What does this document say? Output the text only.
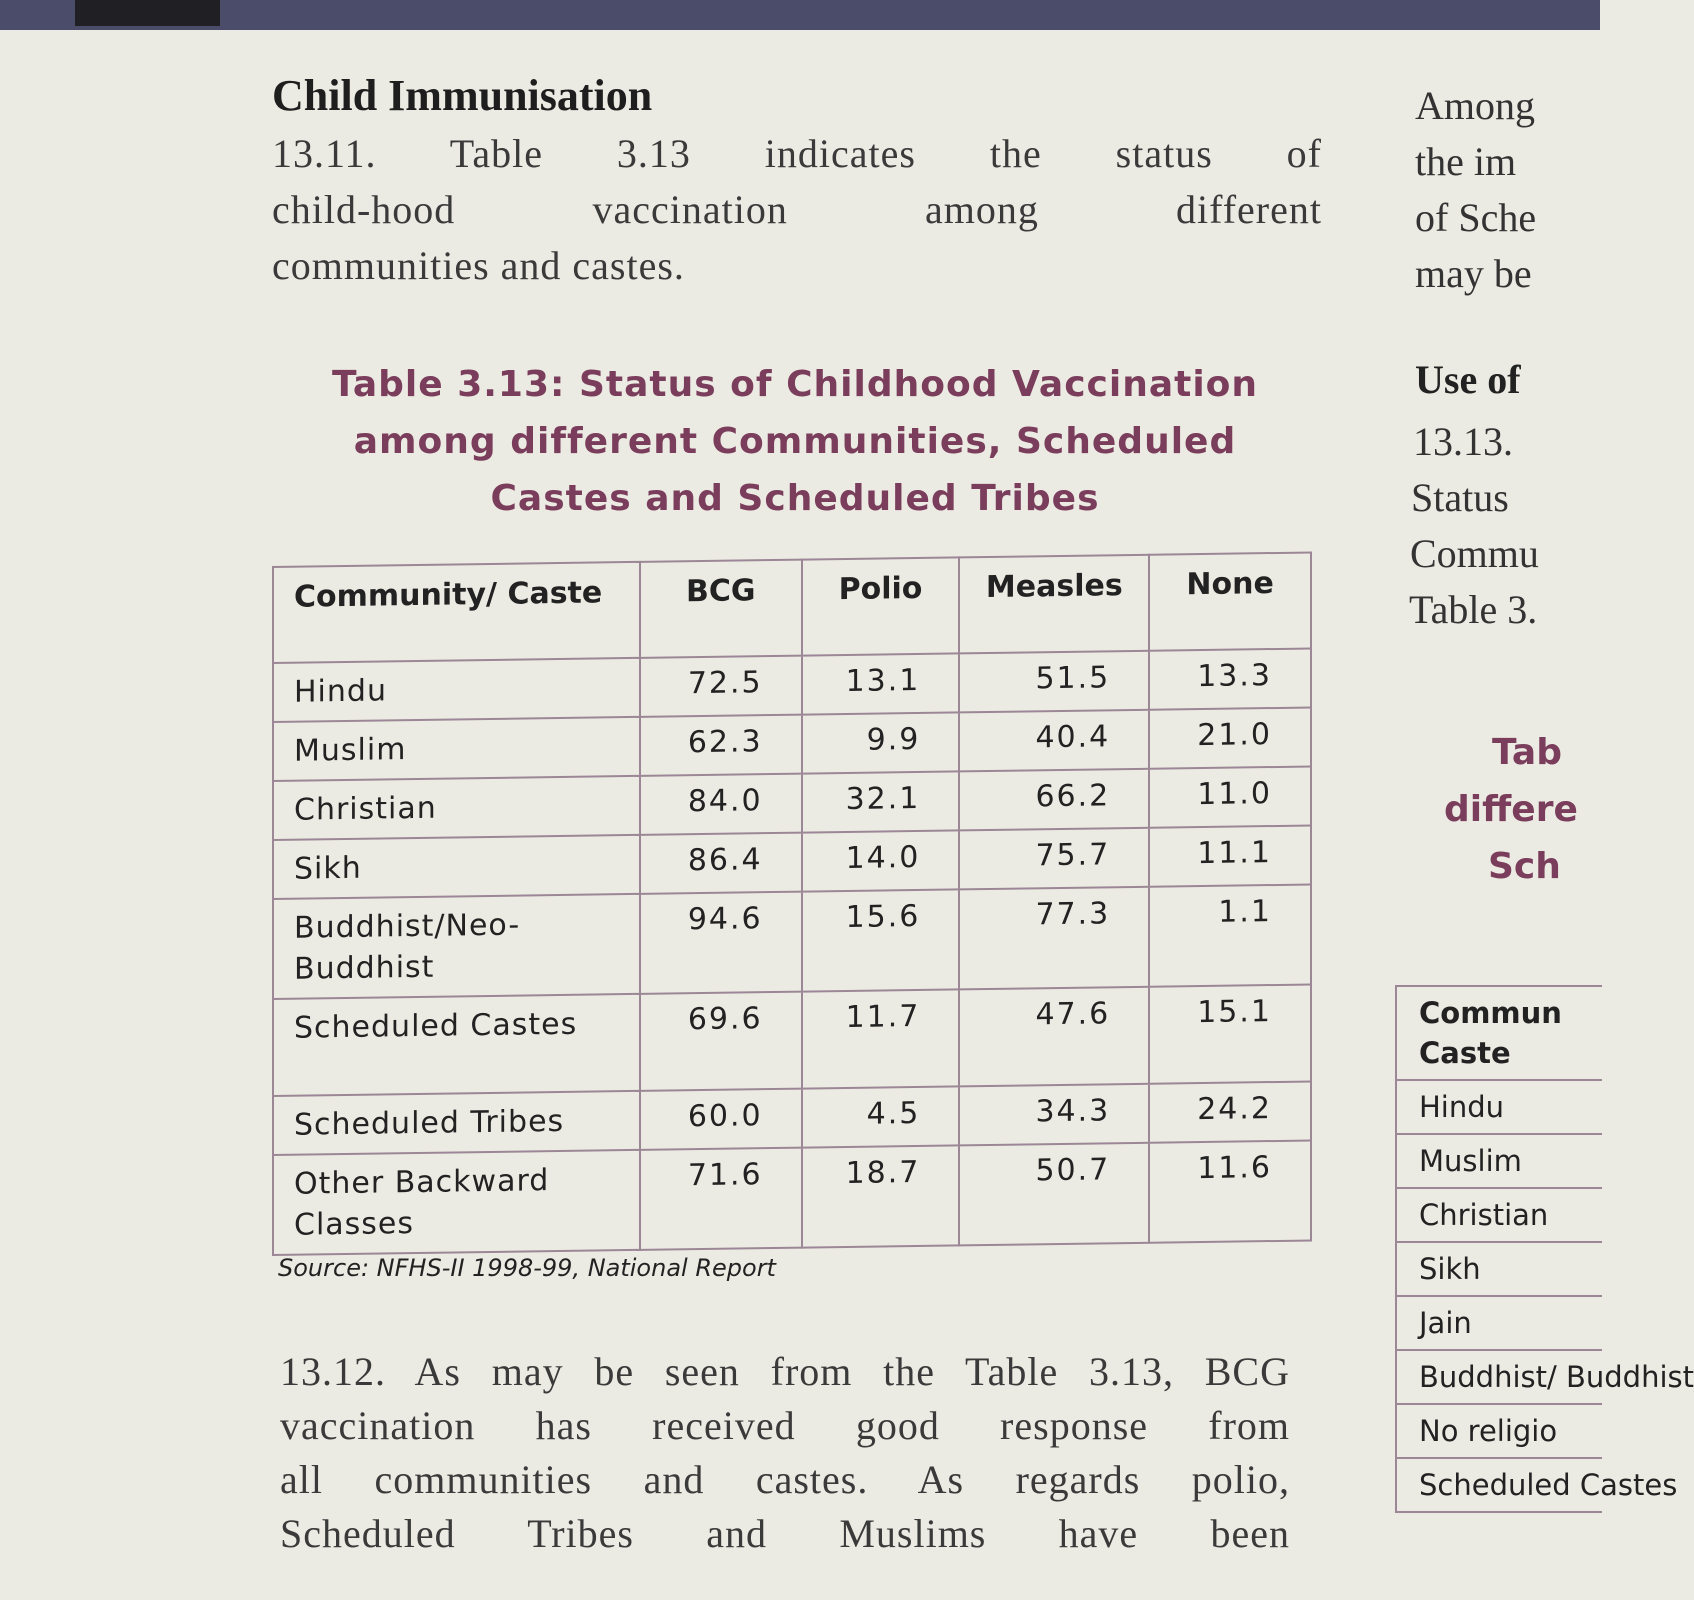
Child Immunisation
13.11. Table 3.13 indicates the status of
child-hood vaccination among different
communities and castes.
Table 3.13: Status of Childhood Vaccination
among different Communities, Scheduled
Castes and Scheduled Tribes
Community/ Caste	BCG	Polio	Measles	None
Hindu	72.5	13.1	51.5	13.3
Muslim	62.3	9.9	40.4	21.0
Christian	84.0	32.1	66.2	11.0
Sikh	86.4	14.0	75.7	11.1
Buddhist/Neo-Buddhist	94.6	15.6	77.3	1.1
Scheduled Castes	69.6	11.7	47.6	15.1
Scheduled Tribes	60.0	4.5	34.3	24.2
Other Backward Classes	71.6	18.7	50.7	11.6
Source: NFHS-II 1998-99, National Report
13.12. As may be seen from the Table 3.13, BCG
vaccination has received good response from
all communities and castes. As regards polio,
Scheduled Tribes and Muslims have been
Among
the im
of Sche
may be
Use of
13.13.
Status
Commu
Table 3.
Tab
differe
Sch
Commun
Caste
Hindu
Muslim
Christian
Sikh
Jain
Buddhist/ Buddhist
No religio
Scheduled Castes
